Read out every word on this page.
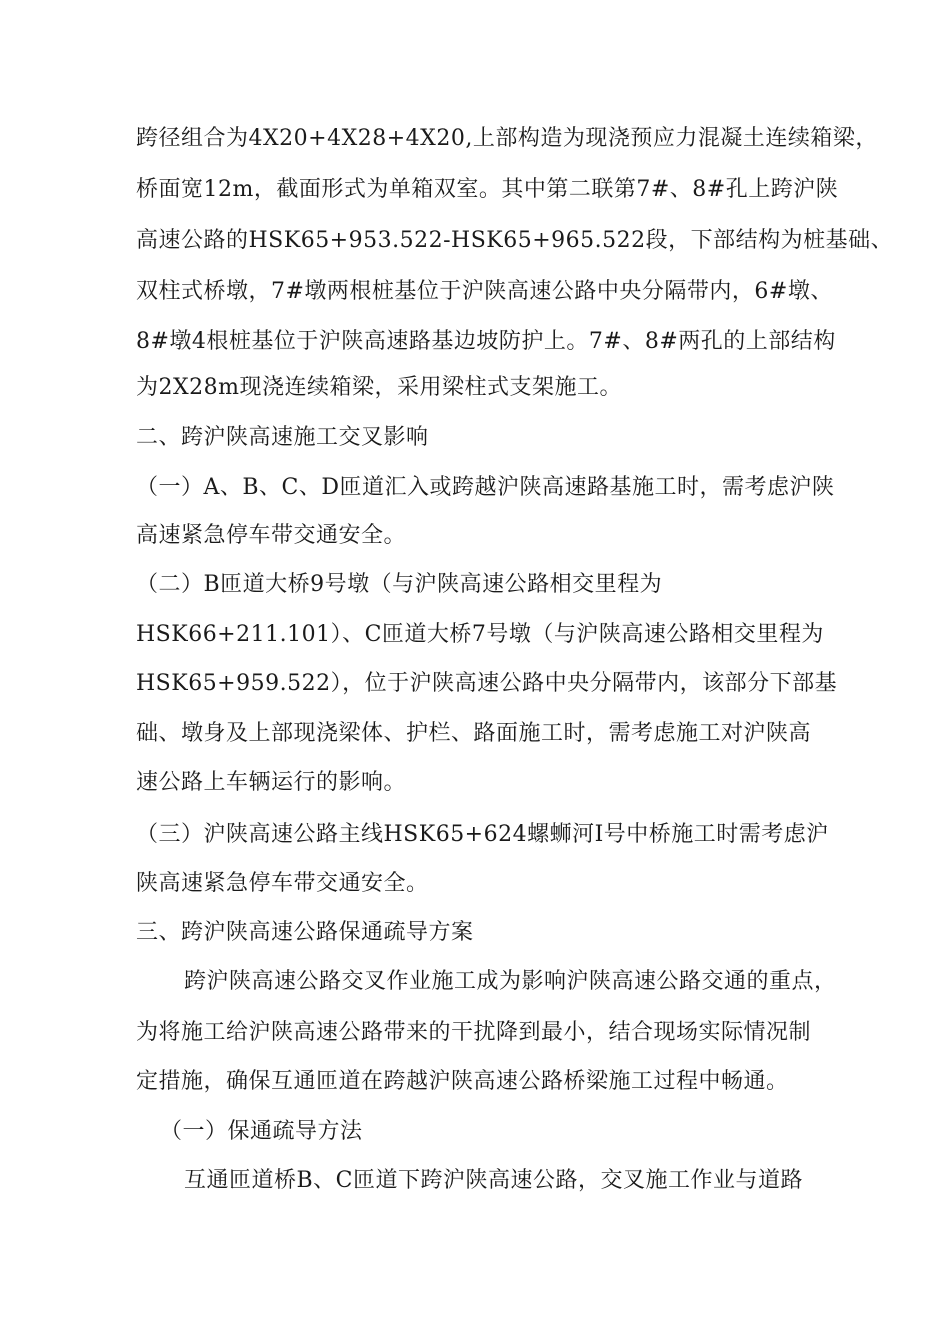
跨径组合为4X20+4X28+4X20,上部构造为现浇预应力混凝土连续箱梁，
桥面宽12m，截面形式为单箱双室。其中第二联第7#、8#孔上跨沪陕
高速公路的HSK65+953.522-HSK65+965.522段，下部结构为桩基础、
双柱式桥墩，7#墩两根桩基位于沪陕高速公路中央分隔带内，6#墩、
8#墩4根桩基位于沪陕高速路基边坡防护上。7#、8#两孔的上部结构
为2X28m现浇连续箱梁，采用梁柱式支架施工。
二、跨沪陕高速施工交叉影响
（一）A、B、C、D匝道汇入或跨越沪陕高速路基施工时，需考虑沪陕
高速紧急停车带交通安全。
（二）B匝道大桥9号墩（与沪陕高速公路相交里程为
HSK66+211.101）、C匝道大桥7号墩（与沪陕高速公路相交里程为
HSK65+959.522），位于沪陕高速公路中央分隔带内，该部分下部基
础、墩身及上部现浇梁体、护栏、路面施工时，需考虑施工对沪陕高
速公路上车辆运行的影响。
（三）沪陕高速公路主线HSK65+624螺蛳河I号中桥施工时需考虑沪
陕高速紧急停车带交通安全。
三、跨沪陕高速公路保通疏导方案
跨沪陕高速公路交叉作业施工成为影响沪陕高速公路交通的重点，
为将施工给沪陕高速公路带来的干扰降到最小，结合现场实际情况制
定措施，确保互通匝道在跨越沪陕高速公路桥梁施工过程中畅通。
（一）保通疏导方法
互通匝道桥B、C匝道下跨沪陕高速公路，交叉施工作业与道路
